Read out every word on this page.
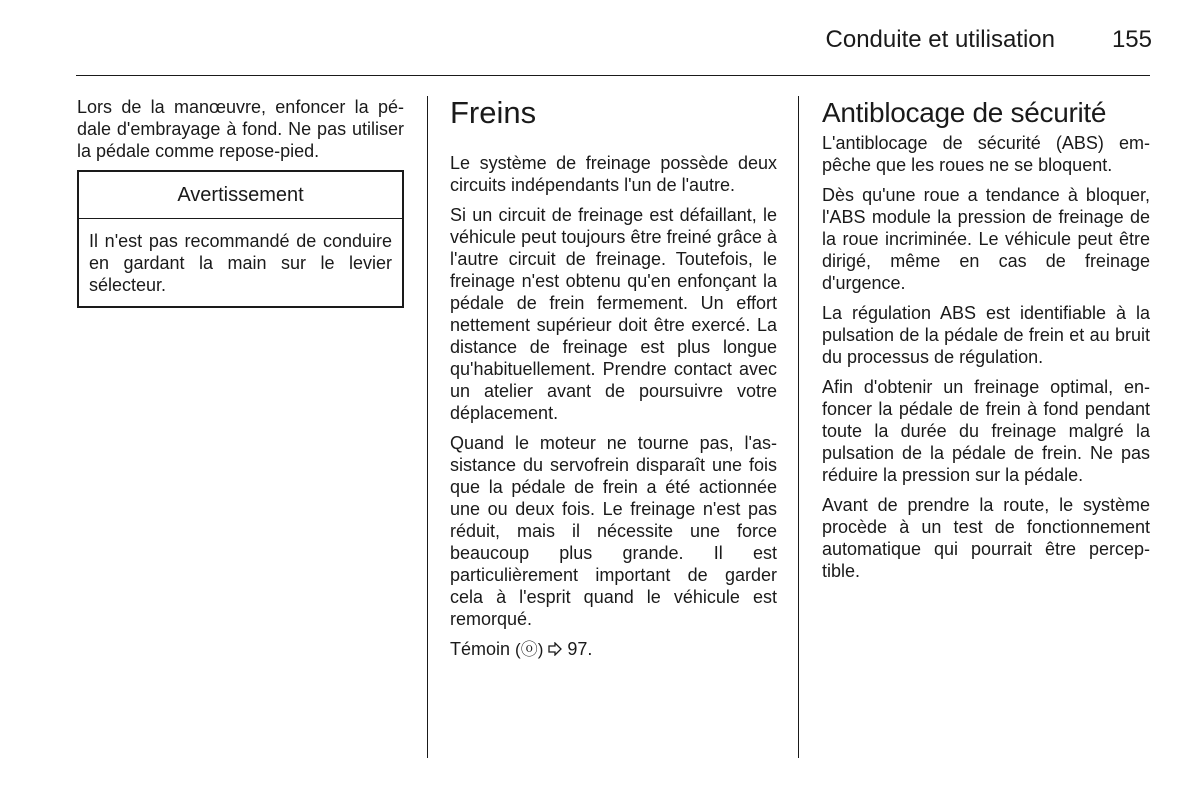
Conduite et utilisation	155

Lors de la manœuvre, enfoncer la pédale d'embrayage à fond. Ne pas utiliser la pédale comme repose-pied.

Avertissement

Il n'est pas recommandé de conduire en gardant la main sur le levier sélecteur.

Freins

Le système de freinage possède deux circuits indépendants l'un de l'autre.

Si un circuit de freinage est défaillant, le véhicule peut toujours être freiné grâce à l'autre circuit de freinage. Toutefois, le freinage n'est obtenu qu'en enfonçant la pédale de frein fermement. Un effort nettement supérieur doit être exercé. La distance de freinage est plus longue qu'habituellement. Prendre contact avec un atelier avant de poursuivre votre déplacement.

Quand le moteur ne tourne pas, l'assistance du servofrein disparaît une fois que la pédale de frein a été actionnée une ou deux fois. Le freinage n'est pas réduit, mais il nécessite une force beaucoup plus grande. Il est particulièrement important de garder cela à l'esprit quand le véhicule est remorqué.

Témoin (ⓞ) 97.

Antiblocage de sécurité

L'antiblocage de sécurité (ABS) empêche que les roues ne se bloquent.

Dès qu'une roue a tendance à bloquer, l'ABS module la pression de freinage de la roue incriminée. Le véhicule peut être dirigé, même en cas de freinage d'urgence.

La régulation ABS est identifiable à la pulsation de la pédale de frein et au bruit du processus de régulation.

Afin d'obtenir un freinage optimal, enfoncer la pédale de frein à fond pendant toute la durée du freinage malgré la pulsation de la pédale de frein. Ne pas réduire la pression sur la pédale.

Avant de prendre la route, le système procède à un test de fonctionnement automatique qui pourrait être perceptible.
